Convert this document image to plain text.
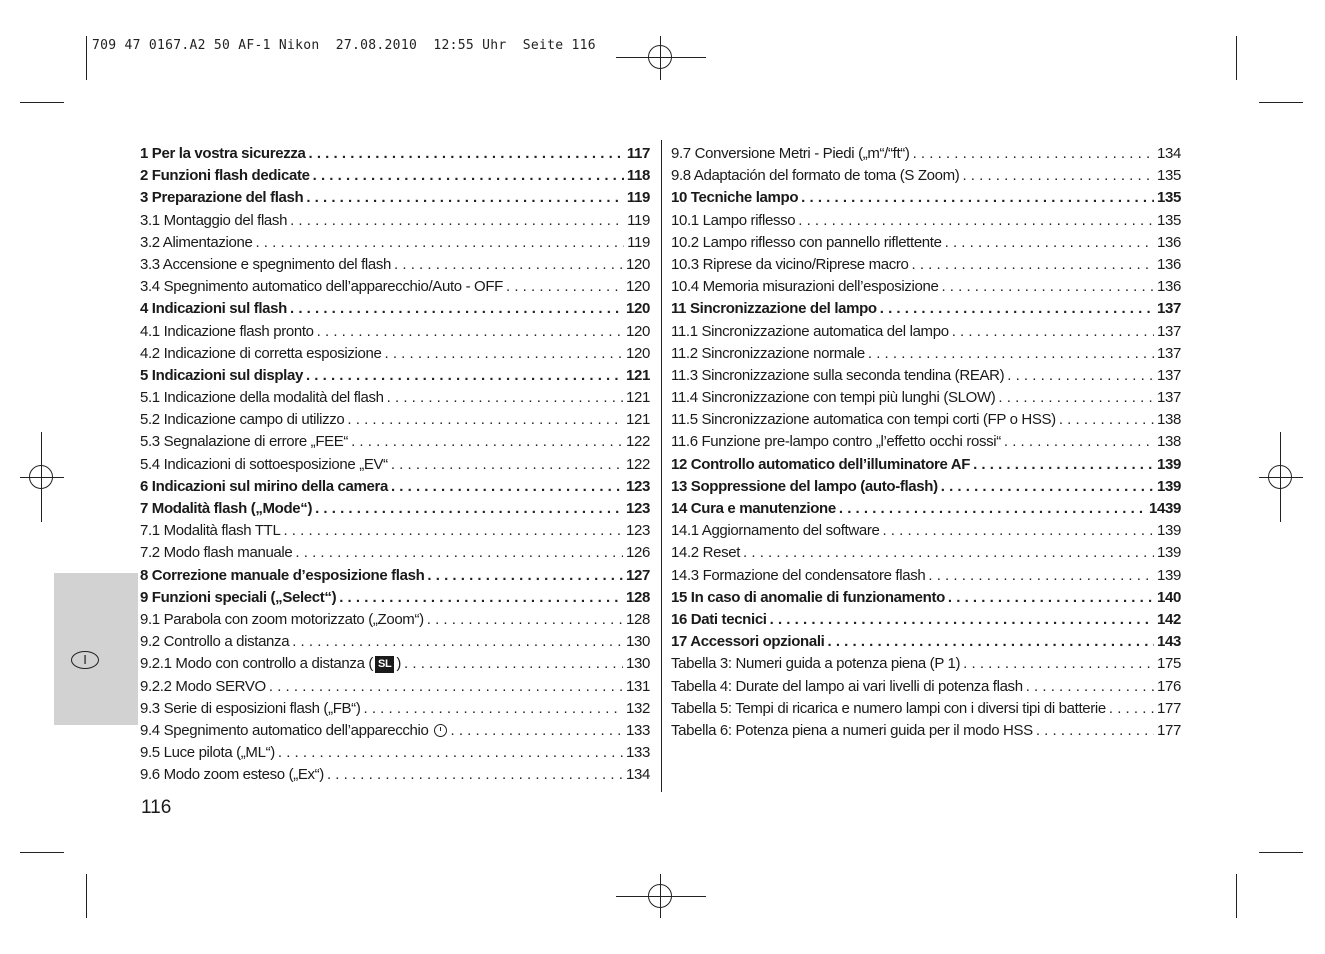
709 47 0167.A2 50 AF-1 Nikon  27.08.2010  12:55 Uhr  Seite 116
I
1 Per la vostra sicurezza . . .	117
2 Funzioni flash dedicate . . .	118
3 Preparazione del flash . . .	119
3.1 Montaggio del flash . . .	119
3.2 Alimentazione . . .	119
3.3 Accensione e spegnimento del flash . . .	120
3.4 Spegnimento automatico dell’apparecchio/Auto - OFF . . .	120
4 Indicazioni sul flash . . .	120
4.1 Indicazione flash pronto . . .	120
4.2 Indicazione di corretta esposizione . . .	120
5 Indicazioni sul display . . .	121
5.1 Indicazione della modalità del flash . . .	121
5.2 Indicazione campo di utilizzo . . .	121
5.3 Segnalazione di errore „FEE“ . . .	122
5.4 Indicazioni di sottoesposizione „EV“ . . .	122
6 Indicazioni sul mirino della camera . . .	123
7 Modalità flash („Mode“) . . .	123
7.1 Modalità flash TTL . . .	123
7.2 Modo flash manuale . . .	126
8 Correzione manuale d’esposizione flash . . .	127
9 Funzioni speciali („Select“) . . .	128
9.1 Parabola con zoom motorizzato („Zoom“) . . .	128
9.2 Controllo a distanza . . .	130
9.2.1 Modo con controllo a distanza ( SL ) . . .	130
9.2.2 Modo SERVO . . .	131
9.3 Serie di esposizioni flash („FB“) . . .	132
9.4 Spegnimento automatico dell’apparecchio . . .	133
9.5 Luce pilota („ML“) . . .	133
9.6 Modo zoom esteso („Ex“) . . .	134
9.7 Conversione Metri - Piedi („m“/“ft“) . . .	134
9.8 Adaptación del formato de toma (S Zoom) . . .	135
10 Tecniche lampo . . .	135
10.1 Lampo riflesso . . .	135
10.2 Lampo riflesso con pannello riflettente . . .	136
10.3 Riprese da vicino/Riprese macro . . .	136
10.4 Memoria misurazioni dell’esposizione . . .	136
11 Sincronizzazione del lampo . . .	137
11.1 Sincronizzazione automatica del lampo . . .	137
11.2 Sincronizzazione normale . . .	137
11.3 Sincronizzazione sulla seconda tendina (REAR) . . .	137
11.4 Sincronizzazione con tempi più lunghi (SLOW) . . .	137
11.5 Sincronizzazione automatica con tempi corti (FP o HSS) . . .	138
11.6 Funzione pre-lampo contro „l’effetto occhi rossi“ . . .	138
12 Controllo automatico dell’illuminatore AF . . .	139
13 Soppressione del lampo (auto-flash) . . .	139
14 Cura e manutenzione . . .	1439
14.1 Aggiornamento del software . . .	139
14.2 Reset . . .	139
14.3 Formazione del condensatore flash . . .	139
15 In caso di anomalie di funzionamento . . .	140
16 Dati tecnici . . .	142
17 Accessori opzionali . . .	143
Tabella 3: Numeri guida a potenza piena (P 1) . . .	175
Tabella 4: Durate del lampo ai vari livelli di potenza flash . . .	176
Tabella 5: Tempi di ricarica e numero lampi con i diversi tipi di batterie . . .	177
Tabella 6: Potenza piena a numeri guida per il modo HSS . . .	177
116
